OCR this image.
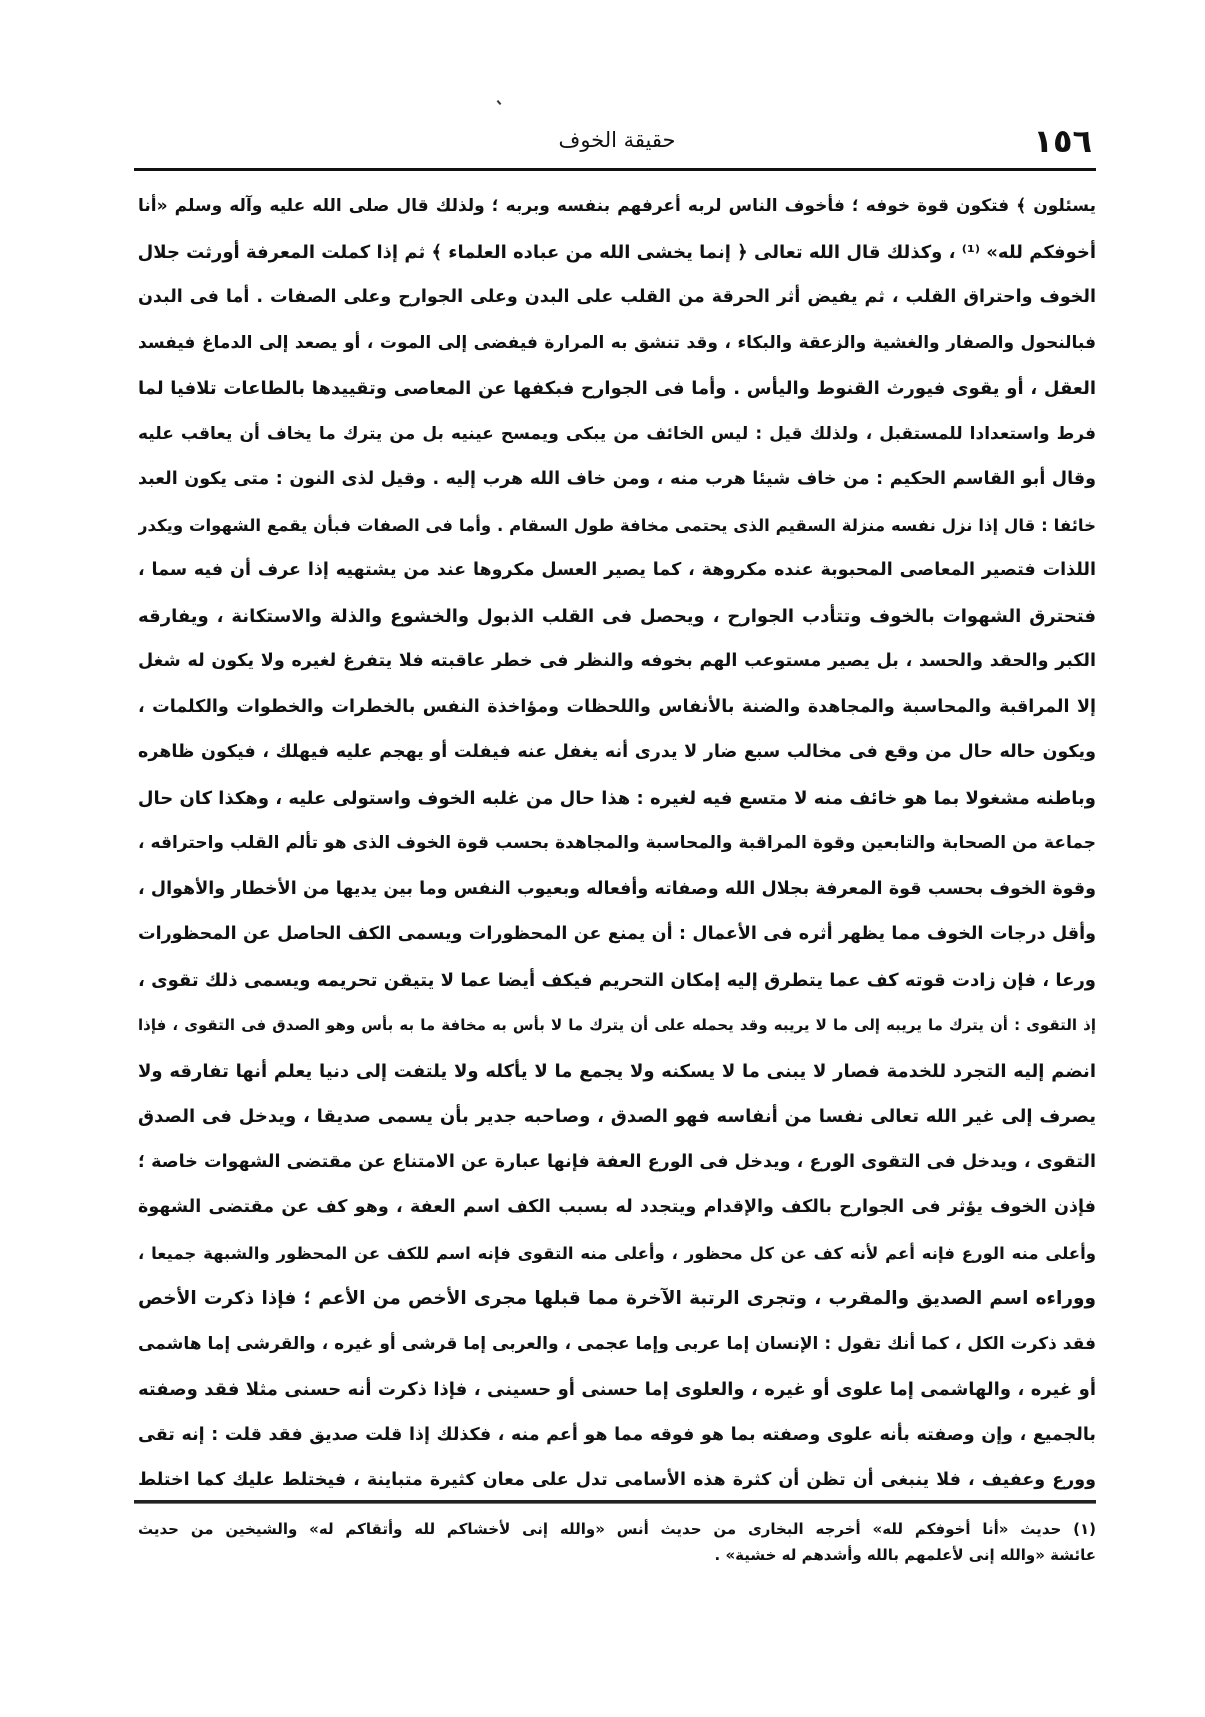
١٥٦
حقيقة الخوف
يسئلون ﴾ فتكون قوة خوفه ؛ فأخوف الناس لربه أعرفهم بنفسه وبربه ؛ ولذلك قال صلى الله عليه وآله وسلم «أنا
أخوفكم لله» ⁽¹⁾ ، وكذلك قال الله تعالى ﴿ إنما يخشى الله من عباده العلماء ﴾ ثم إذا كملت المعرفة أورثت جلال
الخوف واحتراق القلب ، ثم يفيض أثر الحرقة من القلب على البدن وعلى الجوارح وعلى الصفات . أما فى البدن
فبالنحول والصفار والغشية والزعقة والبكاء ، وقد تنشق به المرارة فيفضى إلى الموت ، أو يصعد إلى الدماغ فيفسد
العقل ، أو يقوى فيورث القنوط واليأس . وأما فى الجوارح فبكفها عن المعاصى وتقييدها بالطاعات تلافيا لما
فرط واستعدادا للمستقبل ، ولذلك قيل : ليس الخائف من يبكى ويمسح عينيه بل من يترك ما يخاف أن يعاقب عليه
وقال أبو القاسم الحكيم : من خاف شيئا هرب منه ، ومن خاف الله هرب إليه . وقيل لذى النون : متى يكون العبد
خائفا : قال إذا نزل نفسه منزلة السقيم الذى يحتمى مخافة طول السقام . وأما فى الصفات فبأن يقمع الشهوات ويكدر
اللذات فتصير المعاصى المحبوبة عنده مكروهة ، كما يصير العسل مكروها عند من يشتهيه إذا عرف أن فيه سما ،
فتحترق الشهوات بالخوف وتتأدب الجوارح ، ويحصل فى القلب الذبول والخشوع والذلة والاستكانة ، ويفارقه
الكبر والحقد والحسد ، بل يصير مستوعب الهم بخوفه والنظر فى خطر عاقبته فلا يتفرغ لغيره ولا يكون له شغل
إلا المراقبة والمحاسبة والمجاهدة والضنة بالأنفاس واللحظات ومؤاخذة النفس بالخطرات والخطوات والكلمات ،
ويكون حاله حال من وقع فى مخالب سبع ضار لا يدرى أنه يغفل عنه فيفلت أو يهجم عليه فيهلك ، فيكون ظاهره
وباطنه مشغولا بما هو خائف منه لا متسع فيه لغيره : هذا حال من غلبه الخوف واستولى عليه ، وهكذا كان حال
جماعة من الصحابة والتابعين وقوة المراقبة والمحاسبة والمجاهدة بحسب قوة الخوف الذى هو تألم القلب واحتراقه ،
وقوة الخوف بحسب قوة المعرفة بجلال الله وصفاته وأفعاله وبعيوب النفس وما بين يديها من الأخطار والأهوال ،
وأقل درجات الخوف مما يظهر أثره فى الأعمال : أن يمنع عن المحظورات ويسمى الكف الحاصل عن المحظورات
ورعا ، فإن زادت قوته كف عما يتطرق إليه إمكان التحريم فيكف أيضا عما لا يتيقن تحريمه ويسمى ذلك تقوى ،
إذ التقوى : أن يترك ما يريبه إلى ما لا يريبه وقد يحمله على أن يترك ما لا بأس به مخافة ما به بأس وهو الصدق فى التقوى ، فإذا
انضم إليه التجرد للخدمة فصار لا يبنى ما لا يسكنه ولا يجمع ما لا يأكله ولا يلتفت إلى دنيا يعلم أنها تفارقه ولا
يصرف إلى غير الله تعالى نفسا من أنفاسه فهو الصدق ، وصاحبه جدير بأن يسمى صديقا ، ويدخل فى الصدق
التقوى ، ويدخل فى التقوى الورع ، ويدخل فى الورع العفة فإنها عبارة عن الامتناع عن مقتضى الشهوات خاصة ؛
فإذن الخوف يؤثر فى الجوارح بالكف والإقدام ويتجدد له بسبب الكف اسم العفة ، وهو كف عن مقتضى الشهوة
وأعلى منه الورع فإنه أعم لأنه كف عن كل محظور ، وأعلى منه التقوى فإنه اسم للكف عن المحظور والشبهة جميعا ،
ووراءه اسم الصديق والمقرب ، وتجرى الرتبة الآخرة مما قبلها مجرى الأخص من الأعم ؛ فإذا ذكرت الأخص
فقد ذكرت الكل ، كما أنك تقول : الإنسان إما عربى وإما عجمى ، والعربى إما قرشى أو غيره ، والقرشى إما هاشمى
أو غيره ، والهاشمى إما علوى أو غيره ، والعلوى إما حسنى أو حسينى ، فإذا ذكرت أنه حسنى مثلا فقد وصفته
بالجميع ، وإن وصفته بأنه علوى وصفته بما هو فوقه مما هو أعم منه ، فكذلك إذا قلت صديق فقد قلت : إنه تقى
وورع وعفيف ، فلا ينبغى أن تظن أن كثرة هذه الأسامى تدل على معان كثيرة متباينة ، فيختلط عليك كما اختلط
(١) حديث «أنا أخوفكم لله» أخرجه البخارى من حديث أنس «والله إنى لأخشاكم لله وأتقاكم له» والشيخين من حديث
عائشة «والله إنى لأعلمهم بالله وأشدهم له خشية» .
